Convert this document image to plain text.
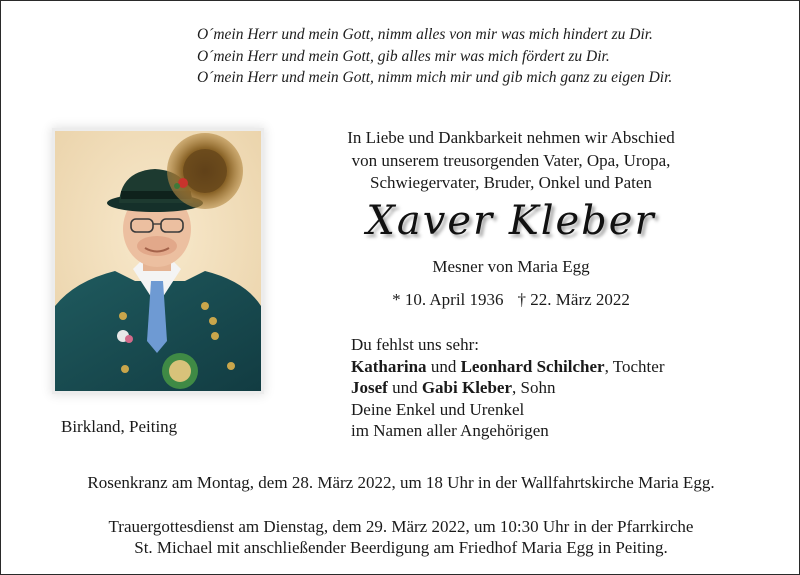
O´mein Herr und mein Gott, nimm alles von mir was mich hindert zu Dir.
O´mein Herr und mein Gott, gib alles mir was mich fördert zu Dir.
O´mein Herr und mein Gott, nimm mich mir und gib mich ganz zu eigen Dir.
Birkland, Peiting
In Liebe und Dankbarkeit nehmen wir Abschied
von unserem treusorgenden Vater, Opa, Uropa,
Schwiegervater, Bruder, Onkel und Paten
Xaver Kleber
Mesner von Maria Egg
* 10. April 1936 † 22. März 2022
Du fehlst uns sehr:
Katharina und Leonhard Schilcher, Tochter
Josef und Gabi Kleber, Sohn
Deine Enkel und Urenkel
im Namen aller Angehörigen
Rosenkranz am Montag, dem 28. März 2022, um 18 Uhr in der Wallfahrtskirche Maria Egg.
Trauergottesdienst am Dienstag, dem 29. März 2022, um 10:30 Uhr in der Pfarrkirche
St. Michael mit anschließender Beerdigung am Friedhof Maria Egg in Peiting.
